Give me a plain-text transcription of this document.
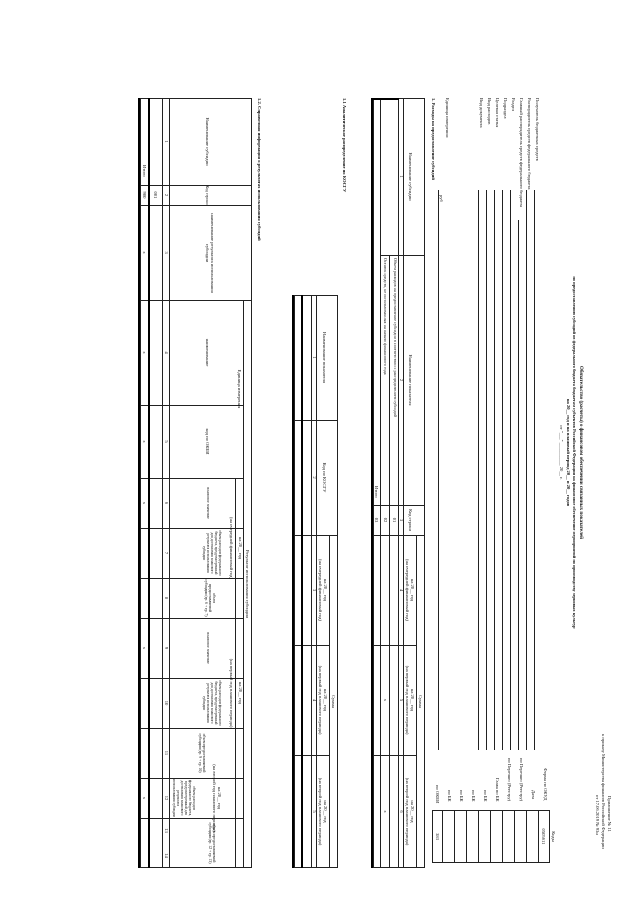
Приложение № 11
к приказу Министерства финансов Российской Федерации
от 17.06.2019 № 93н
Обязательство (расчеты) о финансовом обеспечении связанных показателей
по предоставлению субсидий из федерального бюджета бюджетам субъектов Российской Федерации на финансовое обеспечение мероприятий по производству зерновых культур
на 20__ год и на плановый период 20__ и 20__ годов
от "___" __________ 20__ г.
Коды
Форма по ОКУД
0505611
Дата
по Перечню (Реестру)
по Перечню (Реестру)
Глава по БК
по БК
по БК
по БК
по БК
по ОКЕИ
383
Получатель бюджетных средств
Распорядитель средств федерального бюджета
Главный распорядитель средств федерального бюджета
Раздел
Подраздел
Целевая статья
Вид расходов
Вид документа
Единица измерения:
руб
1. Расходы на предоставление субсидий
Наименование субсидии
Наименование показателя
Код строки
Сумма
на 20__ год
(на очередной финансовый год)
на 20__ год
(на первый год планового периода)
на 20__ год
(на второй год планового периода)
1
2
3
4
5
6
Объем расходов на предоставление субсидии в соответствии с распределением субсидий
01
Остаток средств, не использованных на начало финансового года
02
x
x
Итого
03
1.1 Аналитическое распределение по КОСГУ
Наименование показателя
Код по КОСГУ
Сумма
на 20__ год
(на очередной финансовый год)
на 20__ год
(на первый год планового периода)
на 20__ год
(на второй год планового периода)
1
2
3
4
5
1.2. Справочная информация о результатах использования субсидий
Наименование субсидии
Код строки
наименование результата использования субсидии
Результат использования субсидии
Единица измерения
наименование
код по ОКЕИ
на 20__ год
(на очередной финансовый год)
на 20__ год
(на первый год планового периода)
на 20__ год
(на второй год планового периода)
плановое значение
объем расходов федерального бюджета, предусмотренный для достижения планового результата использования субсидии
объем предоставляемой субсидии (гр. 6 + гр. 7)
плановое значение
объем расходов федерального бюджета, предусмотренный для достижения планового результата использования субсидии
объем предоставляемой субсидии (гр. 9 + гр. 10)
объем расходов федерального бюджета, предусмотренный для достижения планового результата использования субсидии
объем предоставляемой субсидии (гр. 12 + гр. 13)
1
2
3
4
5
6
7
8
9
10
11
12
13
14
001
Итого
900
x
x
x
x
x
x
